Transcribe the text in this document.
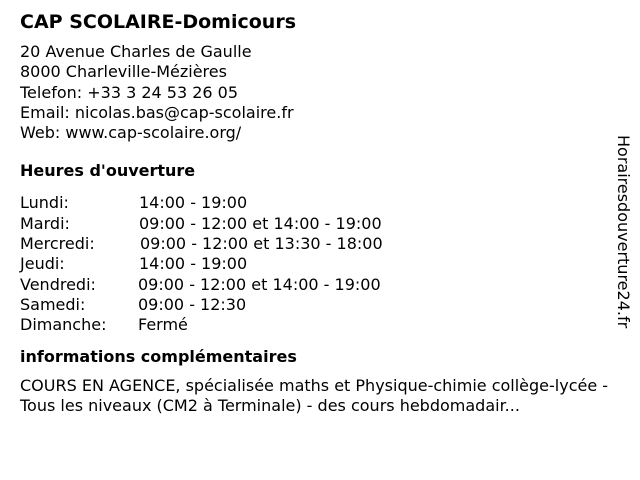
CAP SCOLAIRE-Domicours
20 Avenue Charles de Gaulle
8000 Charleville-Mézières
Telefon: +33 3 24 53 26 05
Email: nicolas.bas@cap-scolaire.fr
Web: www.cap-scolaire.org/
Heures d'ouverture
Lundi:	14:00 - 19:00
Mardi:	09:00 - 12:00 et 14:00 - 19:00
Mercredi:	09:00 - 12:00 et 13:30 - 18:00
Jeudi:	14:00 - 19:00
Vendredi:	09:00 - 12:00 et 14:00 - 19:00
Samedi:	09:00 - 12:30
Dimanche:	Fermé
informations complémentaires
COURS EN AGENCE, spécialisée maths et Physique-chimie collège-lycée - Tous les niveaux (CM2 à Terminale) - des cours hebdomadair...
Horairesdouverture24.fr
